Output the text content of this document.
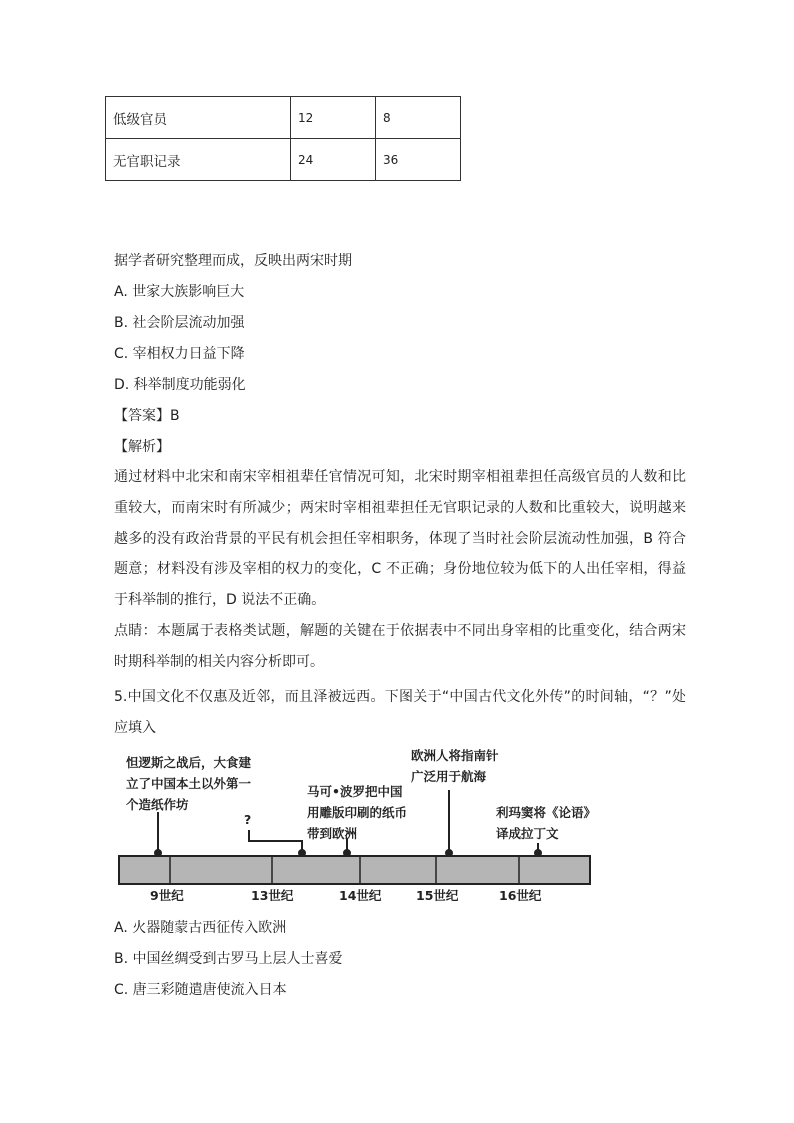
低级官员	12	8
无官职记录	24	36
据学者研究整理而成，反映出两宋时期
A. 世家大族影响巨大
B. 社会阶层流动加强
C. 宰相权力日益下降
D. 科举制度功能弱化
【答案】B
【解析】
通过材料中北宋和南宋宰相祖辈任官情况可知，北宋时期宰相祖辈担任高级官员的人数和比重较大，而南宋时有所减少；两宋时宰相祖辈担任无官职记录的人数和比重较大，说明越来越多的没有政治背景的平民有机会担任宰相职务，体现了当时社会阶层流动性加强，B 符合题意；材料没有涉及宰相的权力的变化，C 不正确；身份地位较为低下的人出任宰相，得益于科举制的推行，D 说法不正确。
点睛：本题属于表格类试题，解题的关键在于依据表中不同出身宰相的比重变化，结合两宋时期科举制的相关内容分析即可。
5.中国文化不仅惠及近邻，而且泽被远西。下图关于“中国古代文化外传”的时间轴，“？”处应填入
怛逻斯之战后，大食建
立了中国本土以外第一
个造纸作坊
?
马可•波罗把中国
用雕版印刷的纸币
带到欧洲
欧洲人将指南针
广泛用于航海
利玛窦将《论语》
译成拉丁文
9世纪	13世纪	14世纪	15世纪	16世纪
A. 火器随蒙古西征传入欧洲
B. 中国丝绸受到古罗马上层人士喜爱
C. 唐三彩随遣唐使流入日本
